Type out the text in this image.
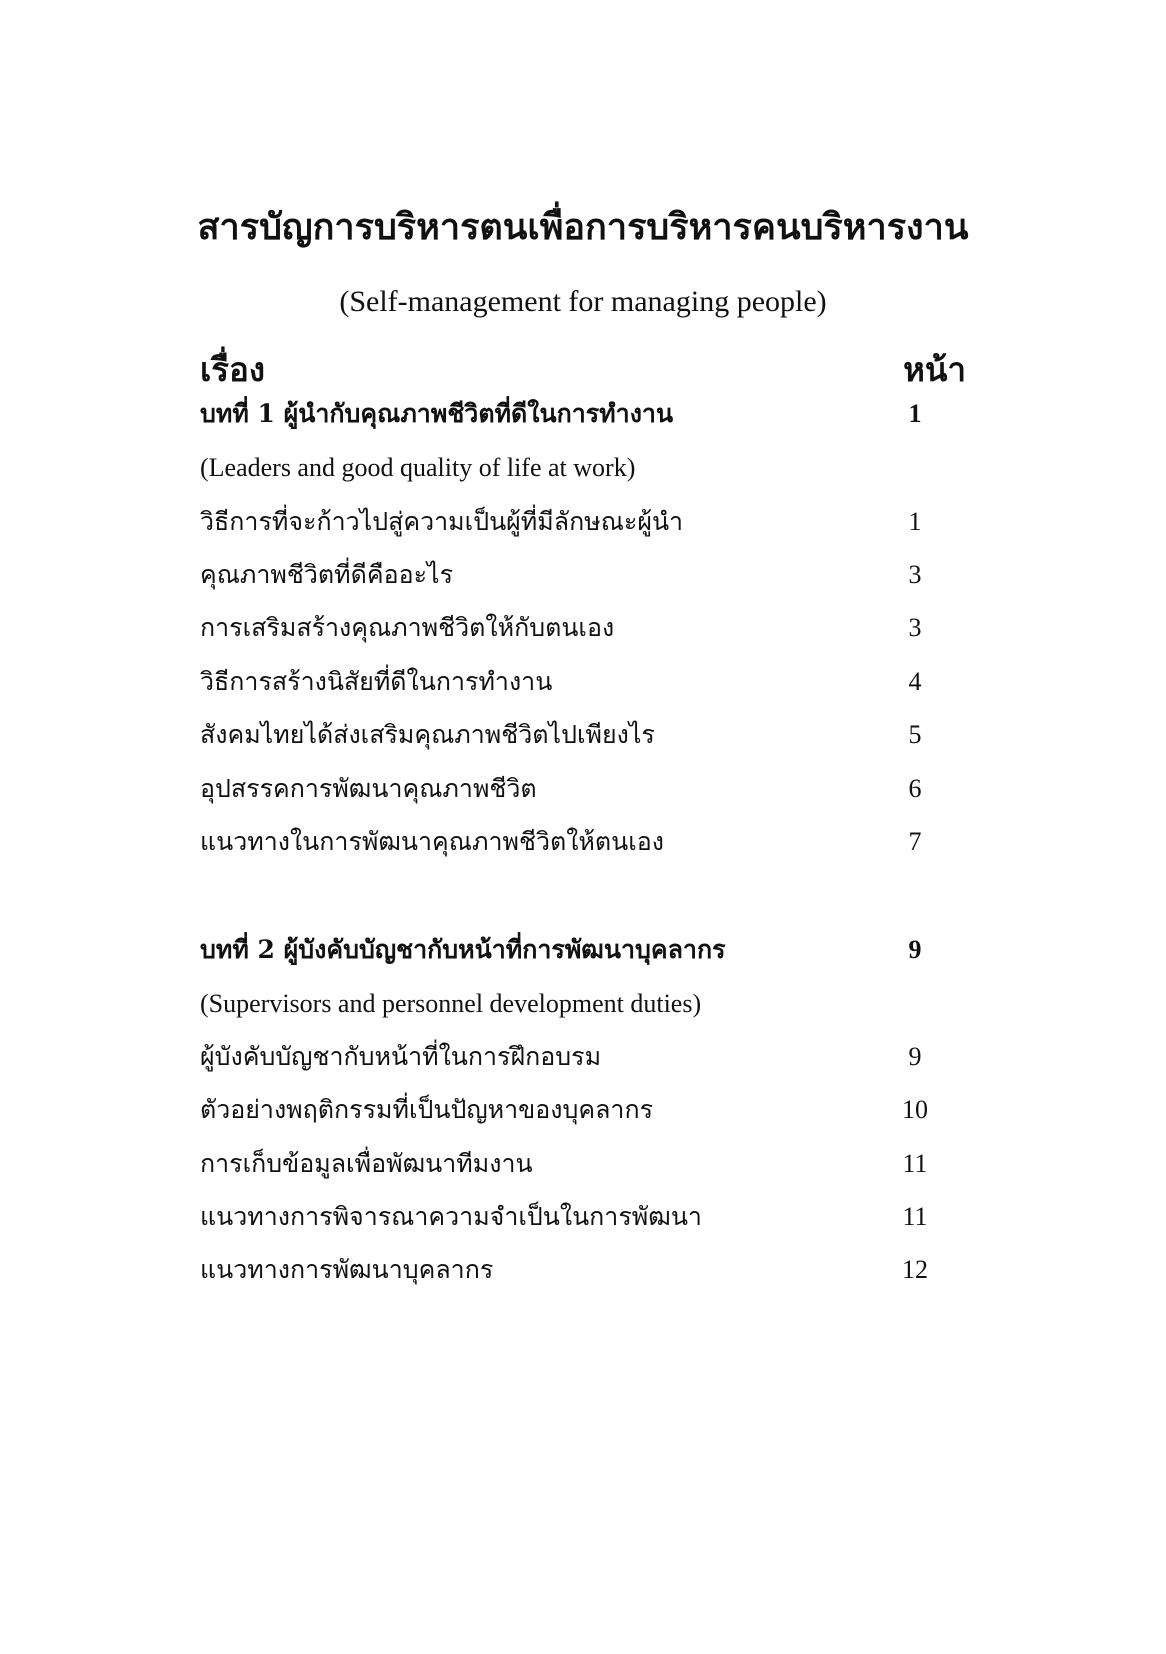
สารบัญการบริหารตนเพื่อการบริหารคนบริหารงาน
(Self-management for managing people)
เรื่อง	หน้า
บทที่ 1 ผู้นำกับคุณภาพชีวิตที่ดีในการทำงาน	1
(Leaders and good quality of life at work)
วิธีการที่จะก้าวไปสู่ความเป็นผู้ที่มีลักษณะผู้นำ	1
คุณภาพชีวิตที่ดีคืออะไร	3
การเสริมสร้างคุณภาพชีวิตให้กับตนเอง	3
วิธีการสร้างนิสัยที่ดีในการทำงาน	4
สังคมไทยได้ส่งเสริมคุณภาพชีวิตไปเพียงไร	5
อุปสรรคการพัฒนาคุณภาพชีวิต	6
แนวทางในการพัฒนาคุณภาพชีวิตให้ตนเอง	7
บทที่ 2 ผู้บังคับบัญชากับหน้าที่การพัฒนาบุคลากร	9
(Supervisors and personnel development duties)
ผู้บังคับบัญชากับหน้าที่ในการฝึกอบรม	9
ตัวอย่างพฤติกรรมที่เป็นปัญหาของบุคลากร	10
การเก็บข้อมูลเพื่อพัฒนาทีมงาน	11
แนวทางการพิจารณาความจำเป็นในการพัฒนา	11
แนวทางการพัฒนาบุคลากร	12
